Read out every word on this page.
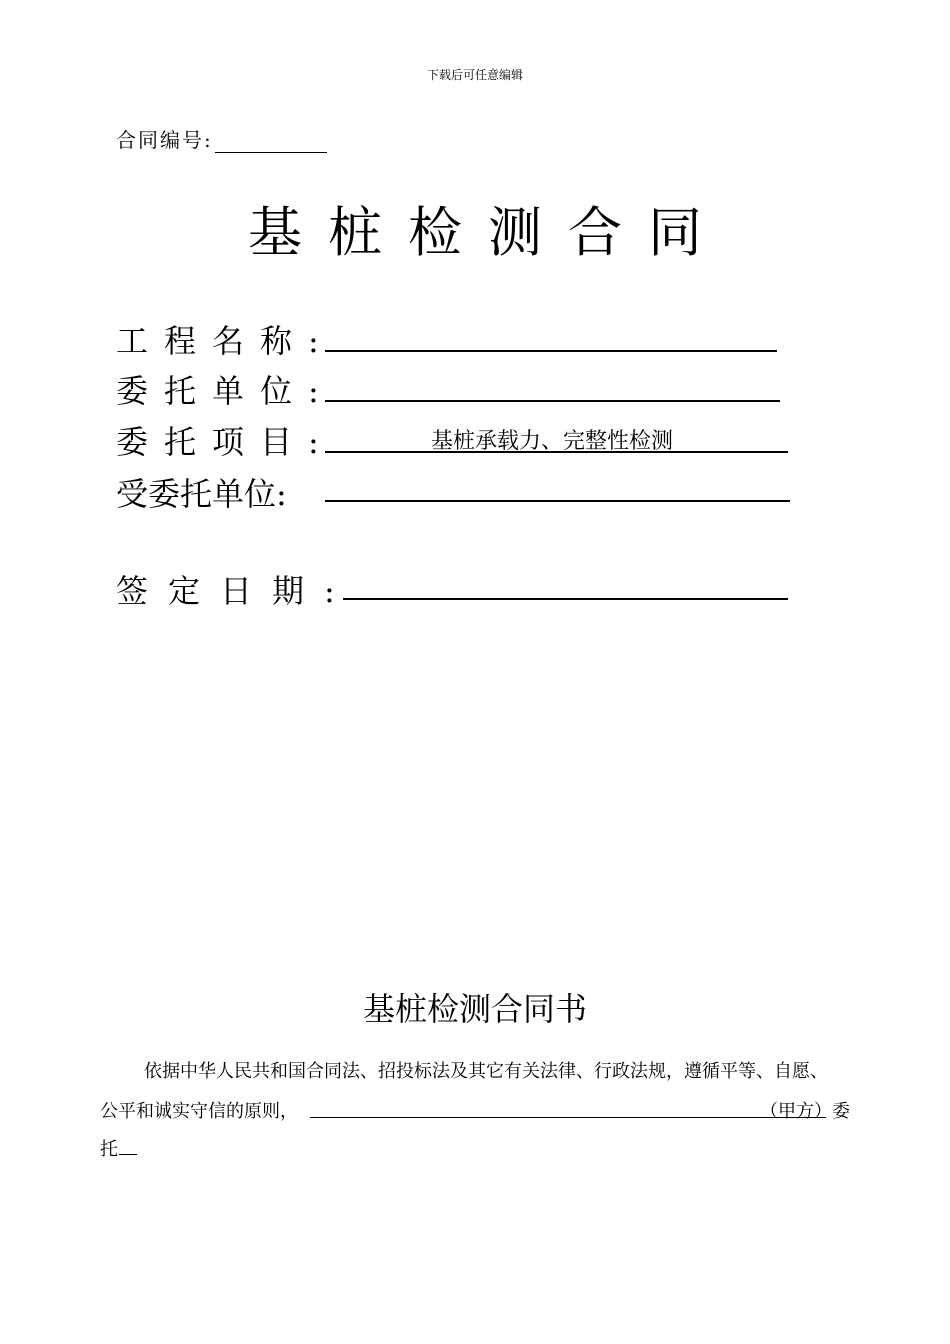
下载后可任意编辑
合同编号:
基桩检测合同
工程名称:
委托单位:
委托项目:	基桩承载力、完整性检测
受委托单位:
签定日期:
基桩检测合同书
依据中华人民共和国合同法、招投标法及其它有关法律、行政法规，遵循平等、自愿、
公平和诚实守信的原则，	（甲方）委
托
